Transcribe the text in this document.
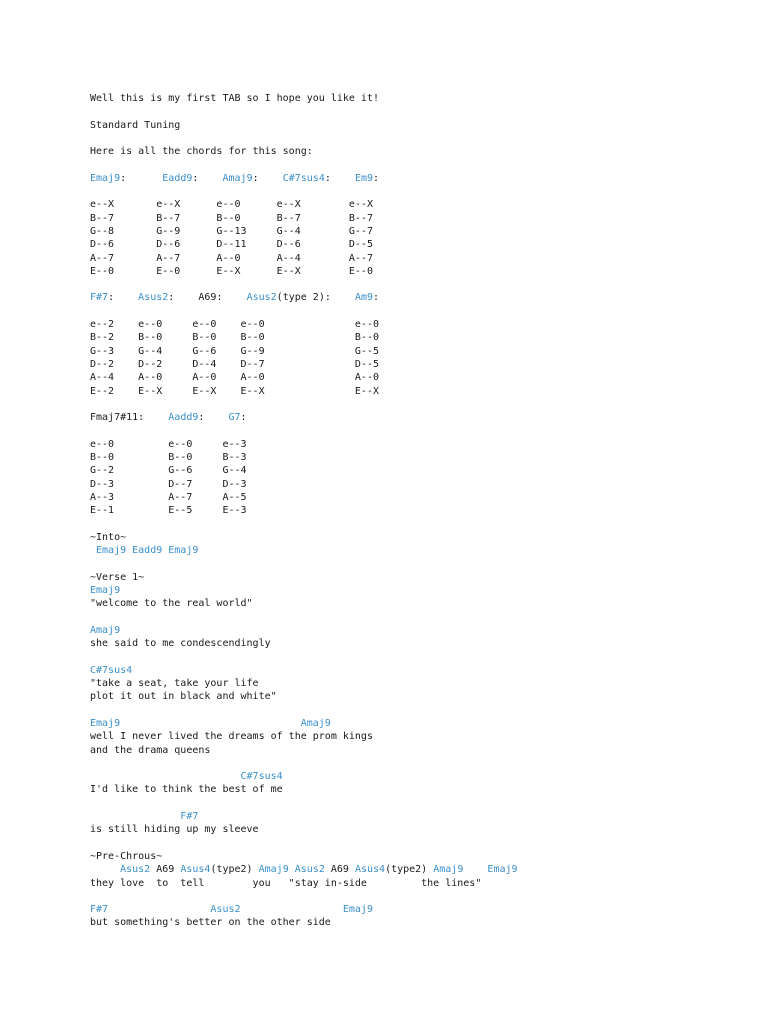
Well this is my first TAB so I hope you like it!
Standard Tuning
Here is all the chords for this song:
Emaj9:      Eadd9:    Amaj9:    C#7sus4:    Em9:
e--X       e--X      e--0      e--X        e--X
B--7       B--7      B--0      B--7        B--7
G--8       G--9      G--13     G--4        G--7
D--6       D--6      D--11     D--6        D--5
A--7       A--7      A--0      A--4        A--7
E--0       E--0      E--X      E--X        E--0
F#7:    Asus2:    A69:    Asus2(type 2):    Am9:
e--2    e--0     e--0    e--0               e--0
B--2    B--0     B--0    B--0               B--0
G--3    G--4     G--6    G--9               G--5
D--2    D--2     D--4    D--7               D--5
A--4    A--0     A--0    A--0               A--0
E--2    E--X     E--X    E--X               E--X
Fmaj7#11:    Aadd9:    G7:
e--0         e--0     e--3
B--0         B--0     B--3
G--2         G--6     G--4
D--3         D--7     D--3
A--3         A--7     A--5
E--1         E--5     E--3
~Into~
Emaj9 Eadd9 Emaj9
~Verse 1~
Emaj9
"welcome to the real world"
Amaj9
she said to me condescendingly
C#7sus4
"take a seat, take your life
plot it out in black and white"
Emaj9                              Amaj9
well I never lived the dreams of the prom kings
and the drama queens
C#7sus4
I'd like to think the best of me
F#7
is still hiding up my sleeve
~Pre-Chrous~
Asus2 A69 Asus4(type2) Amaj9 Asus2 A69 Asus4(type2) Amaj9    Emaj9
they love  to  tell        you   "stay in-side         the lines"
F#7                 Asus2                 Emaj9
but something's better on the other side
